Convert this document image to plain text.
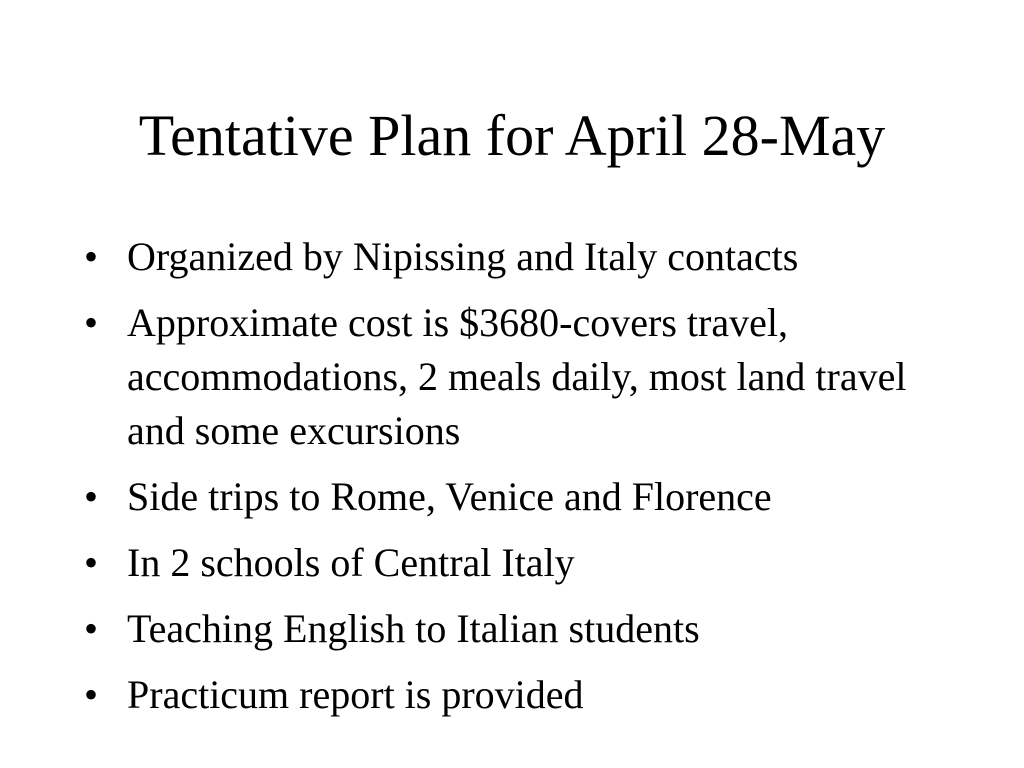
Tentative Plan for April 28-May
• Organized by Nipissing and Italy contacts
• Approximate cost is $3680-covers travel, accommodations, 2 meals daily, most land travel and some excursions
• Side trips to Rome, Venice and Florence
• In 2 schools of Central Italy
• Teaching English to Italian students
• Practicum report is provided
